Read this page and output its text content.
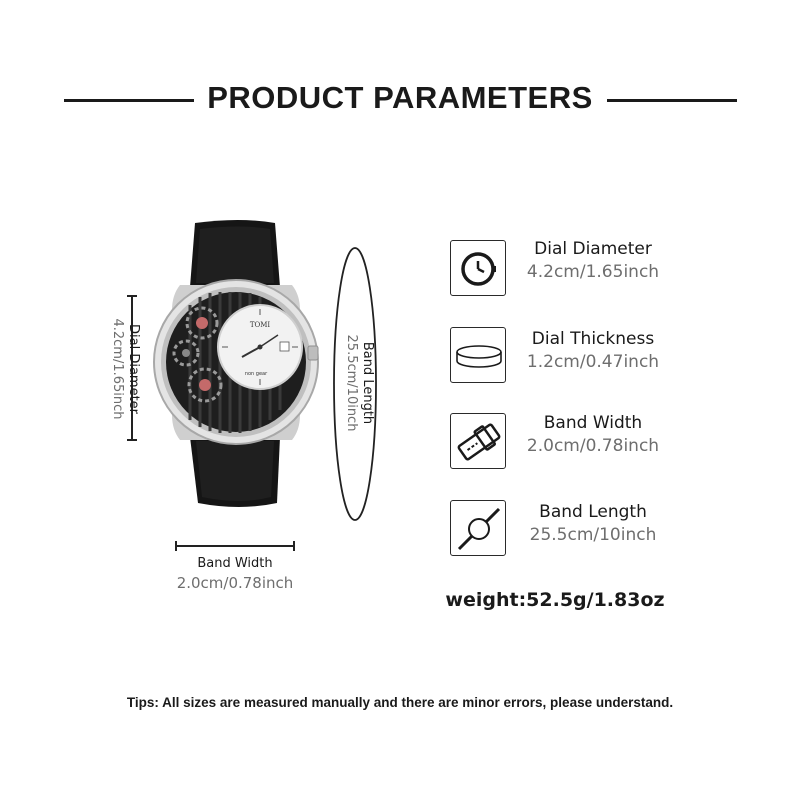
PRODUCT PARAMETERS
TOMI
non gear
Dial Diameter
4.2cm/1.65inch	Band Length
25.5cm/10inch
Band Width
2.0cm/0.78inch
Dial Diameter
4.2cm/1.65inch
Dial Thickness
1.2cm/0.47inch
Band Width
2.0cm/0.78inch
Band Length
25.5cm/10inch
weight:52.5g/1.83oz
Tips: All sizes are measured manually and there are minor errors, please understand.
